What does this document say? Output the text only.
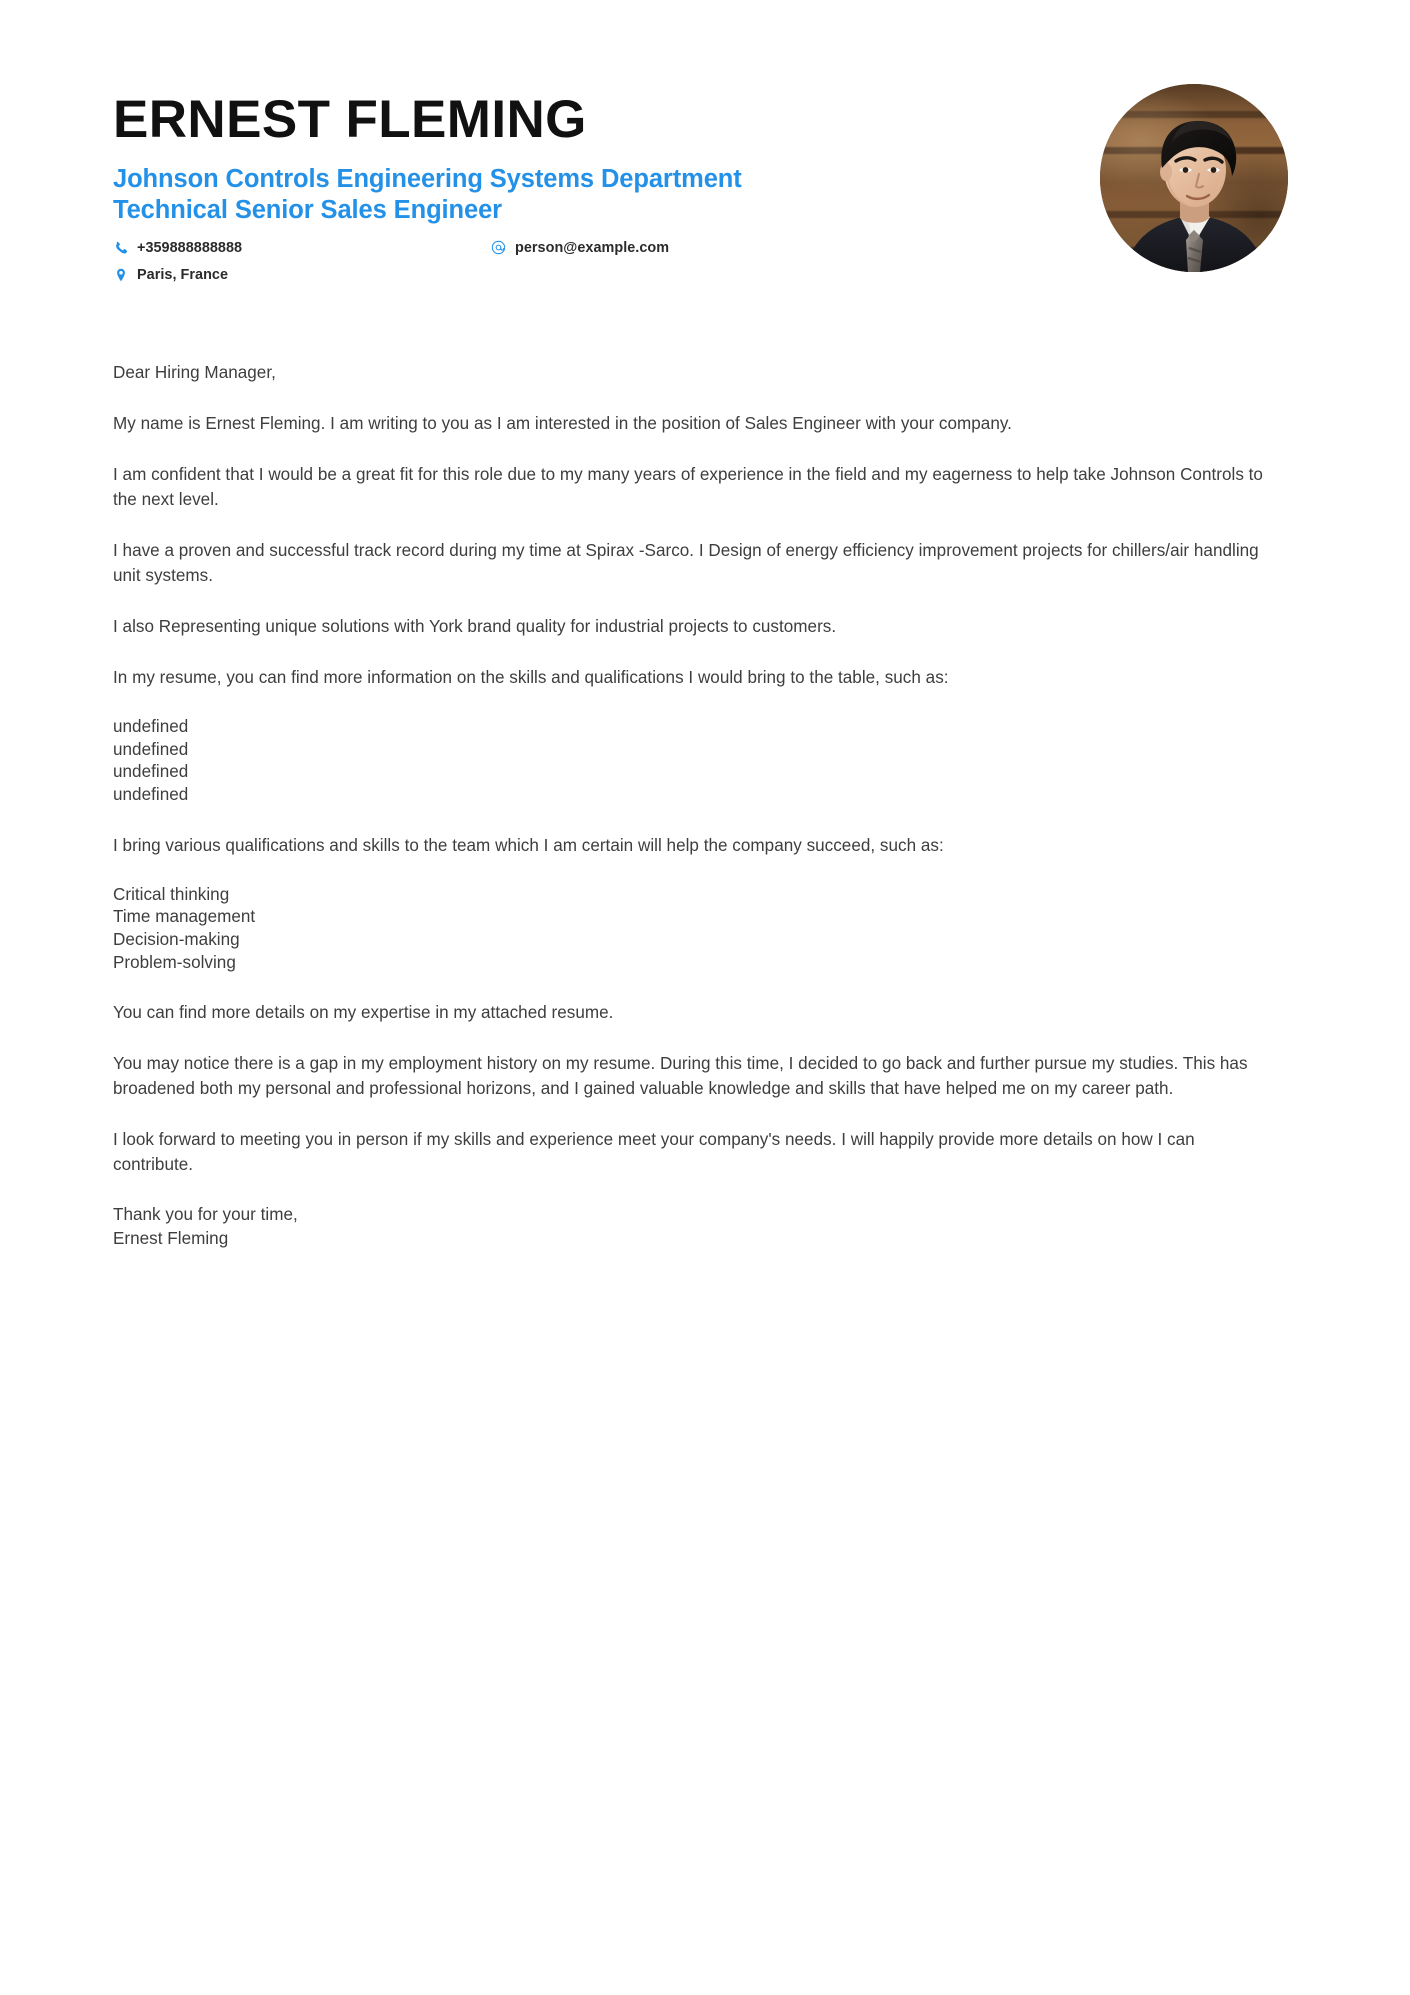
ERNEST FLEMING
Johnson Controls Engineering Systems Department Technical Senior Sales Engineer
+359888888888	person@example.com
Paris, France

Dear Hiring Manager,

My name is Ernest Fleming. I am writing to you as I am interested in the position of Sales Engineer with your company.

I am confident that I would be a great fit for this role due to my many years of experience in the field and my eagerness to help take Johnson Controls to the next level.

I have a proven and successful track record during my time at Spirax -Sarco. I Design of energy efficiency improvement projects for chillers/air handling unit systems.

I also Representing unique solutions with York brand quality for industrial projects to customers.

In my resume, you can find more information on the skills and qualifications I would bring to the table, such as:

undefined
undefined
undefined
undefined

I bring various qualifications and skills to the team which I am certain will help the company succeed, such as:

Critical thinking
Time management
Decision-making
Problem-solving

You can find more details on my expertise in my attached resume.

You may notice there is a gap in my employment history on my resume. During this time, I decided to go back and further pursue my studies. This has broadened both my personal and professional horizons, and I gained valuable knowledge and skills that have helped me on my career path.

I look forward to meeting you in person if my skills and experience meet your company's needs. I will happily provide more details on how I can contribute.

Thank you for your time,
Ernest Fleming
